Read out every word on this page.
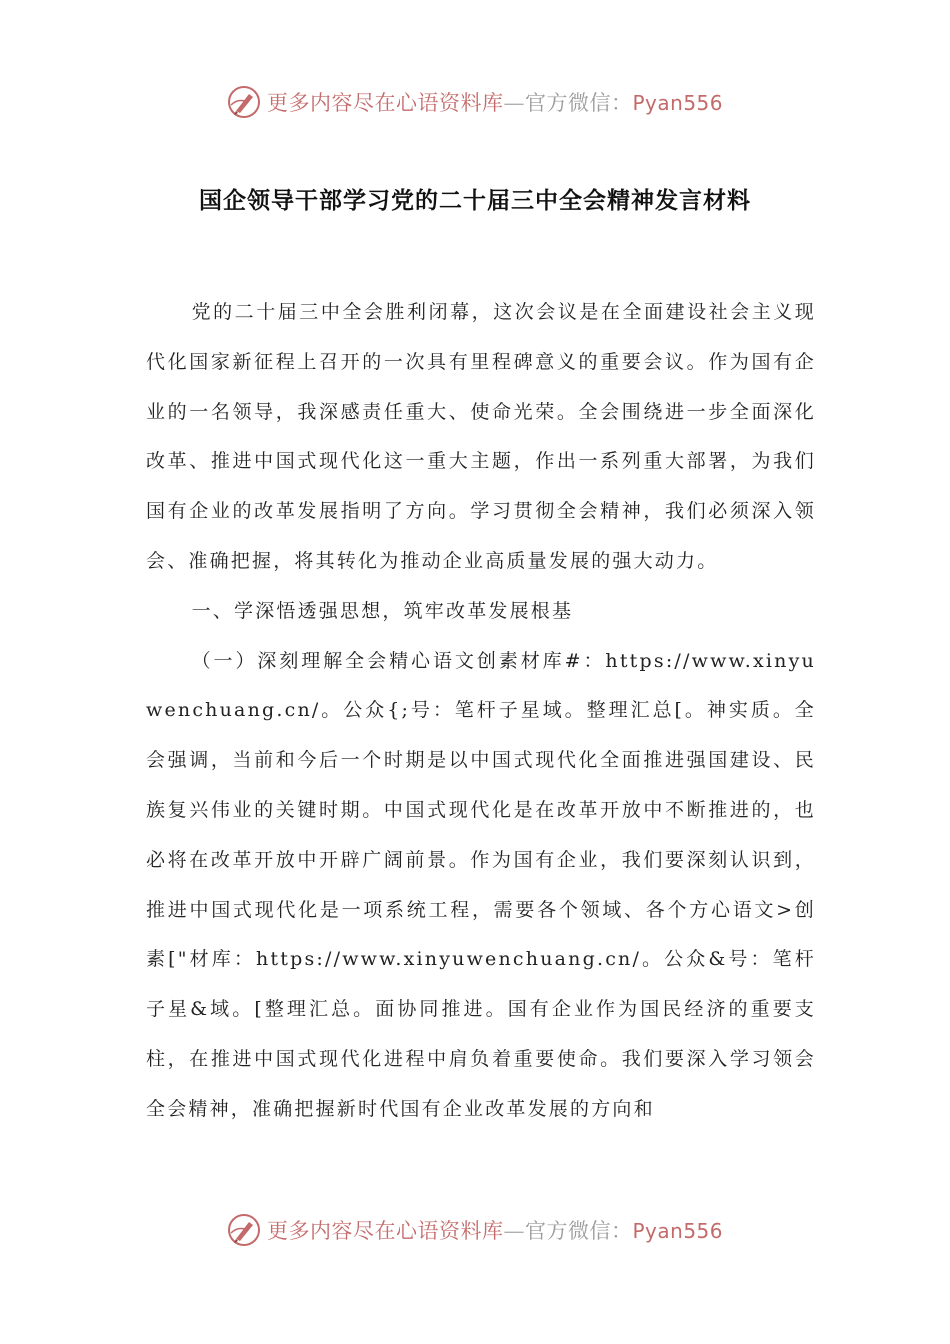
更多内容尽在心语资料库—官方微信：Pyan556
国企领导干部学习党的二十届三中全会精神发言材料

党的二十届三中全会胜利闭幕，这次会议是在全面建设社会主义现代化国家新征程上召开的一次具有里程碑意义的重要会议。作为国有企业的一名领导，我深感责任重大、使命光荣。全会围绕进一步全面深化改革、推进中国式现代化这一重大主题，作出一系列重大部署，为我们国有企业的改革发展指明了方向。学习贯彻全会精神，我们必须深入领会、准确把握，将其转化为推动企业高质量发展的强大动力。

一、学深悟透强思想，筑牢改革发展根基

（一）深刻理解全会精心语文创素材库#：https://www.xinyuwenchuang.cn/。公众{;号：笔杆子星域。整理汇总[。神实质。全会强调，当前和今后一个时期是以中国式现代化全面推进强国建设、民族复兴伟业的关键时期。中国式现代化是在改革开放中不断推进的，也必将在改革开放中开辟广阔前景。作为国有企业，我们要深刻认识到，推进中国式现代化是一项系统工程，需要各个领域、各个方心语文>创素["材库：https://www.xinyuwenchuang.cn/。公众&号：笔杆子星&域。[整理汇总。面协同推进。国有企业作为国民经济的重要支柱，在推进中国式现代化进程中肩负着重要使命。我们要深入学习领会全会精神，准确把握新时代国有企业改革发展的方向和

更多内容尽在心语资料库—官方微信：Pyan556
